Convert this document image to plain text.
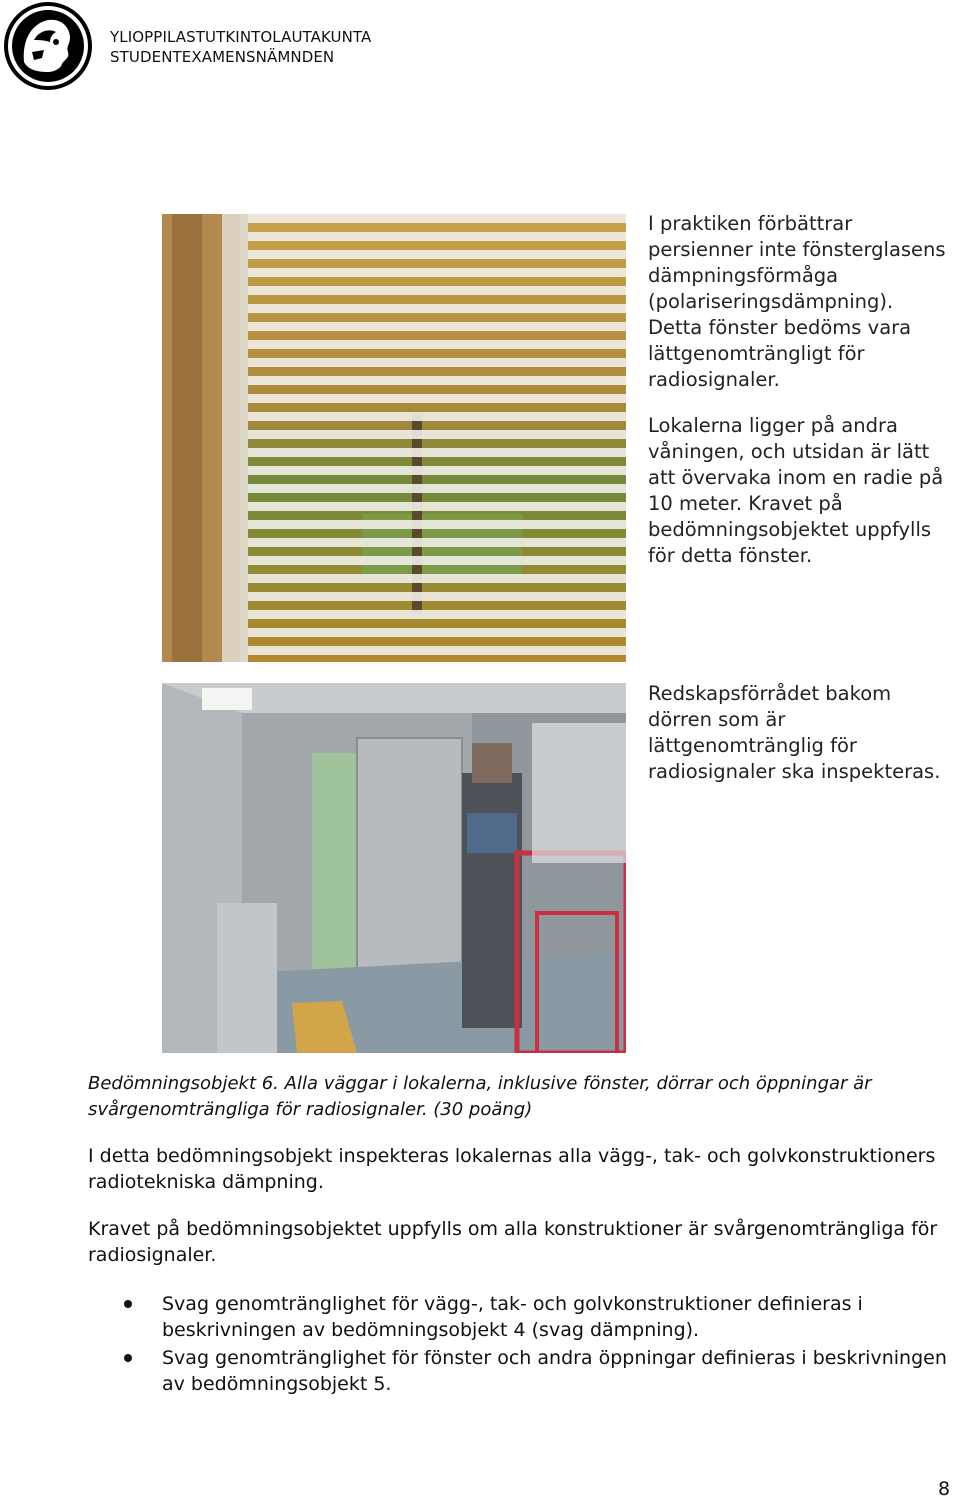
YLIOPPILASTUTKINTOLAUTAKUNTA
STUDENTEXAMENSNÄMNDEN

I praktiken förbättrar persienner inte fönsterglasens dämpningsförmåga (polariseringsdämpning). Detta fönster bedöms vara lättgenomträngligt för radiosignaler.

Lokalerna ligger på andra våningen, och utsidan är lätt att övervaka inom en radie på 10 meter. Kravet på bedömningsobjektet uppfylls för detta fönster.

Redskapsförrådet bakom dörren som är lättgenomtränglig för radiosignaler ska inspekteras.

Bedömningsobjekt 6. Alla väggar i lokalerna, inklusive fönster, dörrar och öppningar är svårgenomträngliga för radiosignaler. (30 poäng)

I detta bedömningsobjekt inspekteras lokalernas alla vägg-, tak- och golvkonstruktioners radiotekniska dämpning.

Kravet på bedömningsobjektet uppfylls om alla konstruktioner är svårgenomträngliga för radiosignaler.

Svag genomtränglighet för vägg-, tak- och golvkonstruktioner definieras i beskrivningen av bedömningsobjekt 4 (svag dämpning).
Svag genomtränglighet för fönster och andra öppningar definieras i beskrivningen av bedömningsobjekt 5.
8
